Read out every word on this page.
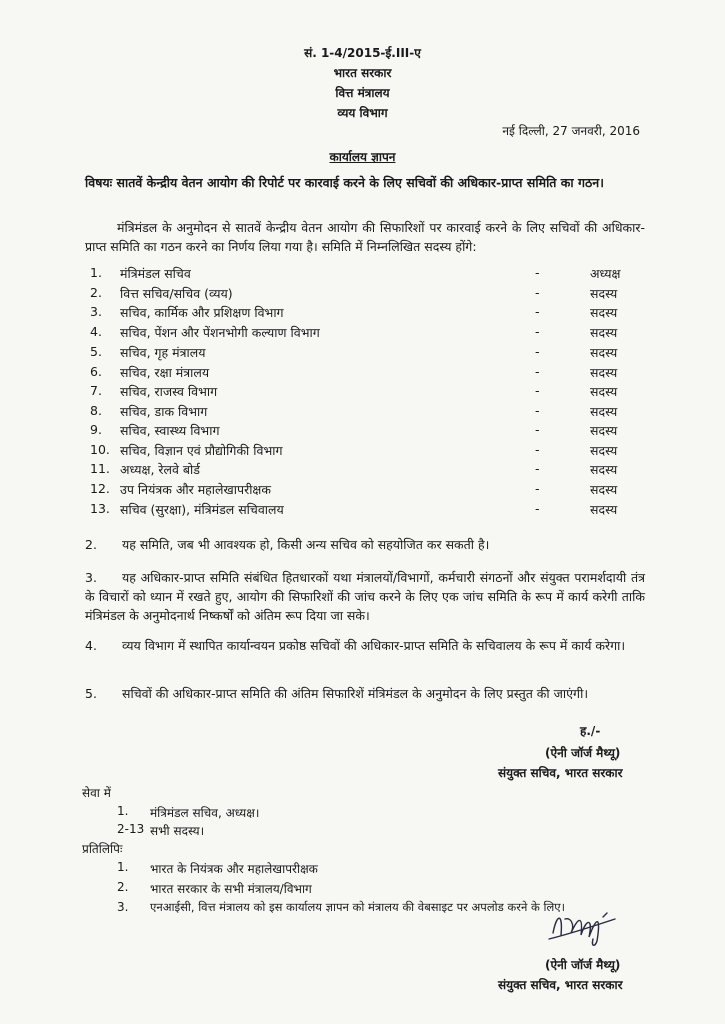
सं. 1-4/2015-ई.III-ए
भारत सरकार
वित्त मंत्रालय
व्यय विभाग
नई दिल्ली, 27 जनवरी, 2016
कार्यालय ज्ञापन
विषयः सातवें केन्द्रीय वेतन आयोग की रिपोर्ट पर कारवाई करने के लिए सचिवों की अधिकार-प्राप्त समिति का गठन।
मंत्रिमंडल के अनुमोदन से सातवें केन्द्रीय वेतन आयोग की सिफारिशों पर कारवाई करने के लिए सचिवों की अधिकार-प्राप्त समिति का गठन करने का निर्णय लिया गया है। समिति में निम्नलिखित सदस्य होंगे:
1.	मंत्रिमंडल सचिव	-	अध्यक्ष
2.	वित्त सचिव/सचिव (व्यय)	-	सदस्य
3.	सचिव, कार्मिक और प्रशिक्षण विभाग	-	सदस्य
4.	सचिव, पेंशन और पेंशनभोगी कल्याण विभाग	-	सदस्य
5.	सचिव, गृह मंत्रालय	-	सदस्य
6.	सचिव, रक्षा मंत्रालय	-	सदस्य
7.	सचिव, राजस्व विभाग	-	सदस्य
8.	सचिव, डाक विभाग	-	सदस्य
9.	सचिव, स्वास्थ्य विभाग	-	सदस्य
10. सचिव, विज्ञान एवं प्रौद्योगिकी विभाग	-	सदस्य
11. अध्यक्ष, रेलवे बोर्ड	-	सदस्य
12. उप नियंत्रक और महालेखापरीक्षक	-	सदस्य
13. सचिव (सुरक्षा), मंत्रिमंडल सचिवालय	-	सदस्य
2. यह समिति, जब भी आवश्यक हो, किसी अन्य सचिव को सहयोजित कर सकती है।
3. यह अधिकार-प्राप्त समिति संबंधित हितधारकों यथा मंत्रालयों/विभागों, कर्मचारी संगठनों और संयुक्त परामर्शदायी तंत्र के विचारों को ध्यान में रखते हुए, आयोग की सिफारिशों की जांच करने के लिए एक जांच समिति के रूप में कार्य करेगी ताकि मंत्रिमंडल के अनुमोदनार्थ निष्कर्षों को अंतिम रूप दिया जा सके।
4. व्यय विभाग में स्थापित कार्यान्वयन प्रकोष्ठ सचिवों की अधिकार-प्राप्त समिति के सचिवालय के रूप में कार्य करेगा।
5. सचिवों की अधिकार-प्राप्त समिति की अंतिम सिफारिशें मंत्रिमंडल के अनुमोदन के लिए प्रस्तुत की जाएंगी।
ह./-
(ऐनी जॉर्ज मैथ्यू)
संयुक्त सचिव, भारत सरकार
सेवा में
1. मंत्रिमंडल सचिव, अध्यक्ष।
2-13 सभी सदस्य।
प्रतिलिपिः
1. भारत के नियंत्रक और महालेखापरीक्षक
2. भारत सरकार के सभी मंत्रालय/विभाग
3. एनआईसी, वित्त मंत्रालय को इस कार्यालय ज्ञापन को मंत्रालय की वेबसाइट पर अपलोड करने के लिए।
(ऐनी जॉर्ज मैथ्यू)
संयुक्त सचिव, भारत सरकार
